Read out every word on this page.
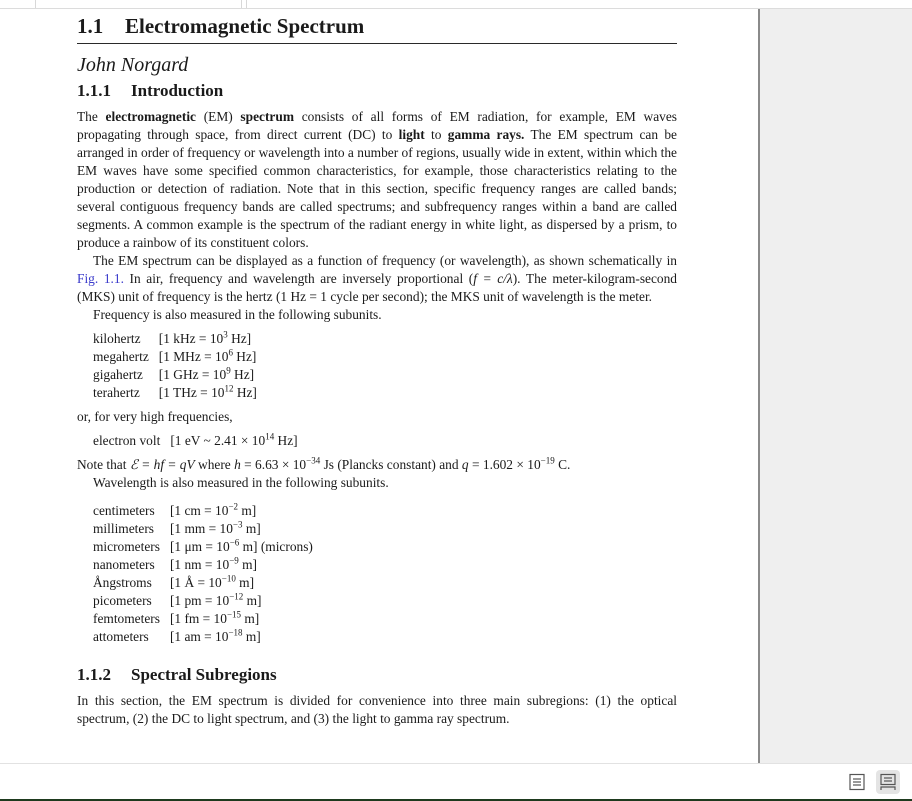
1.1 Electromagnetic Spectrum
John Norgard
1.1.1 Introduction

The electromagnetic (EM) spectrum consists of all forms of EM radiation, for example, EM waves propagating through space, from direct current (DC) to light to gamma rays. The EM spectrum can be arranged in order of frequency or wavelength into a number of regions, usually wide in extent, within which the EM waves have some specified common characteristics, for example, those characteristics relating to the production or detection of radiation. Note that in this section, specific frequency ranges are called bands; several contiguous frequency bands are called spectrums; and subfrequency ranges within a band are called segments. A common example is the spectrum of the radiant energy in white light, as dispersed by a prism, to produce a rainbow of its constituent colors.

The EM spectrum can be displayed as a function of frequency (or wavelength), as shown schematically in Fig. 1.1. In air, frequency and wavelength are inversely proportional (f = c/λ). The meter-kilogram-second (MKS) unit of frequency is the hertz (1 Hz = 1 cycle per second); the MKS unit of wavelength is the meter.

Frequency is also measured in the following subunits.

kilohertz	[1 kHz = $10^3$ Hz]
megahertz	[1 MHz = $10^6$ Hz]
gigahertz	[1 GHz = $10^9$ Hz]
terahertz	[1 THz = $10^{12}$ Hz]

or, for very high frequencies,

electron volt	[1 eV ~ $2.41 \times 10^{14}$ Hz]

Note that ℰ = hf = qV where $h = 6.63 \times 10^{-34}$ Js (Plancks constant) and $q = 1.602 \times 10^{-19}$ C.

Wavelength is also measured in the following subunits.

centimeters	[1 cm = $10^{-2}$ m]
millimeters	[1 mm = $10^{-3}$ m]
micrometers	[1 $\mu m = 10^{-6}$ m] (microns)
nanometers	[1 nm = $10^{-9}$ m]
Ångstroms	[1 Å = $10^{-10}$ m]
picometers	[1 pm = $10^{-12}$ m]
femtometers	[1 fm = $10^{-15}$ m]
attometers	[1 am = $10^{-18}$ m]
1.1.2 Spectral Subregions

In this section, the EM spectrum is divided for convenience into three main subregions: (1) the optical spectrum, (2) the DC to light spectrum, and (3) the light to gamma ray spectrum.
